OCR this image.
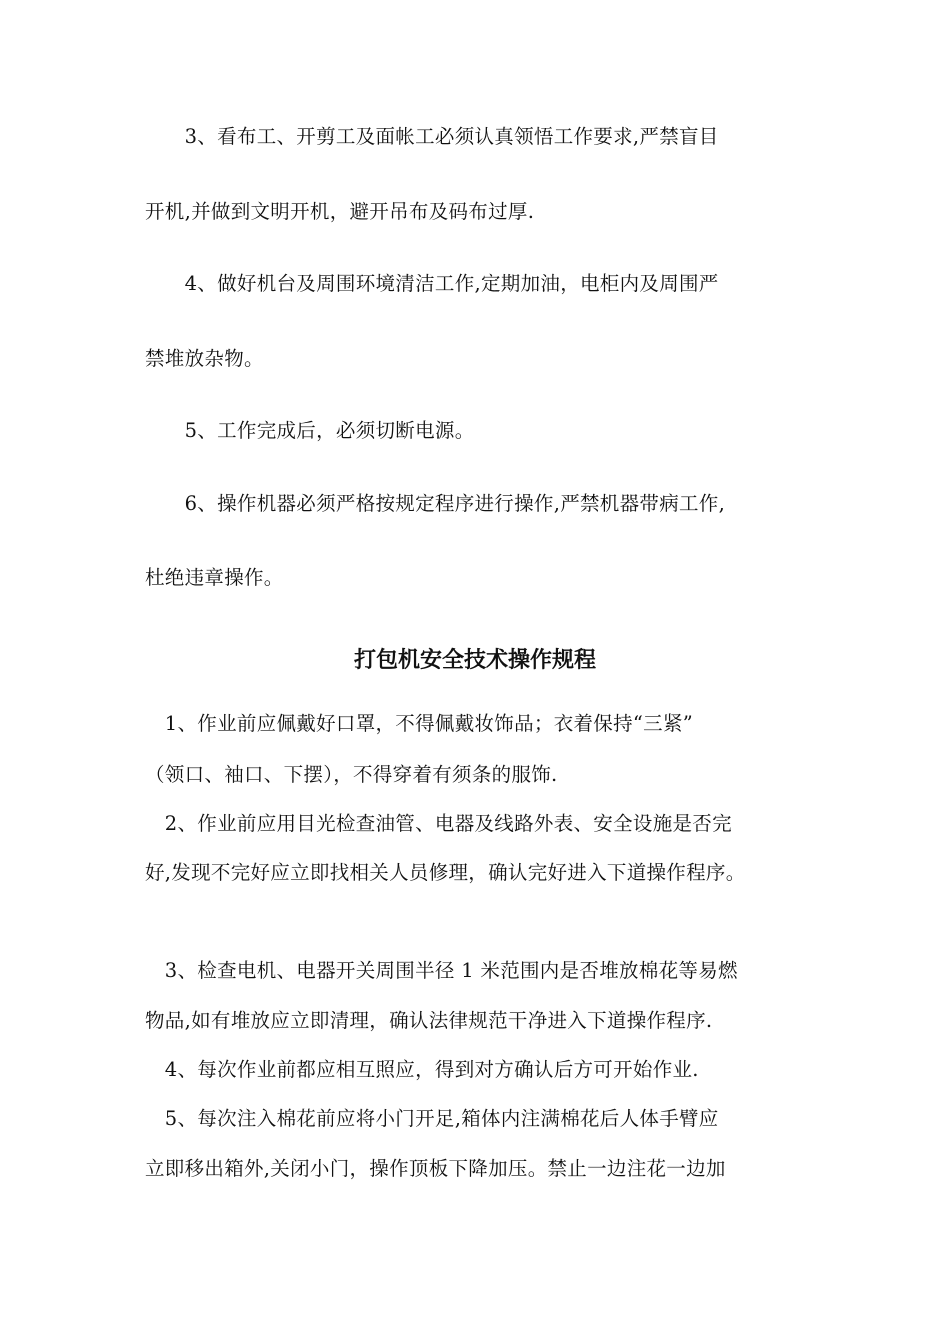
　　3、看布工、开剪工及面帐工必须认真领悟工作要求,严禁盲目
开机,并做到文明开机，避开吊布及码布过厚.
　　4、做好机台及周围环境清洁工作,定期加油，电柜内及周围严
禁堆放杂物。
　　5、工作完成后，必须切断电源。
　　6、操作机器必须严格按规定程序进行操作,严禁机器带病工作,
杜绝违章操作。
打包机安全技术操作规程
　1、作业前应佩戴好口罩，不得佩戴妆饰品；衣着保持“三紧”
（领口、袖口、下摆），不得穿着有须条的服饰.
　2、作业前应用目光检查油管、电器及线路外表、安全设施是否完
好,发现不完好应立即找相关人员修理，确认完好进入下道操作程序。
　3、检查电机、电器开关周围半径 1 米范围内是否堆放棉花等易燃
物品,如有堆放应立即清理，确认法律规范干净进入下道操作程序.
　4、每次作业前都应相互照应，得到对方确认后方可开始作业.
　5、每次注入棉花前应将小门开足,箱体内注满棉花后人体手臂应
立即移出箱外,关闭小门，操作顶板下降加压。禁止一边注花一边加
